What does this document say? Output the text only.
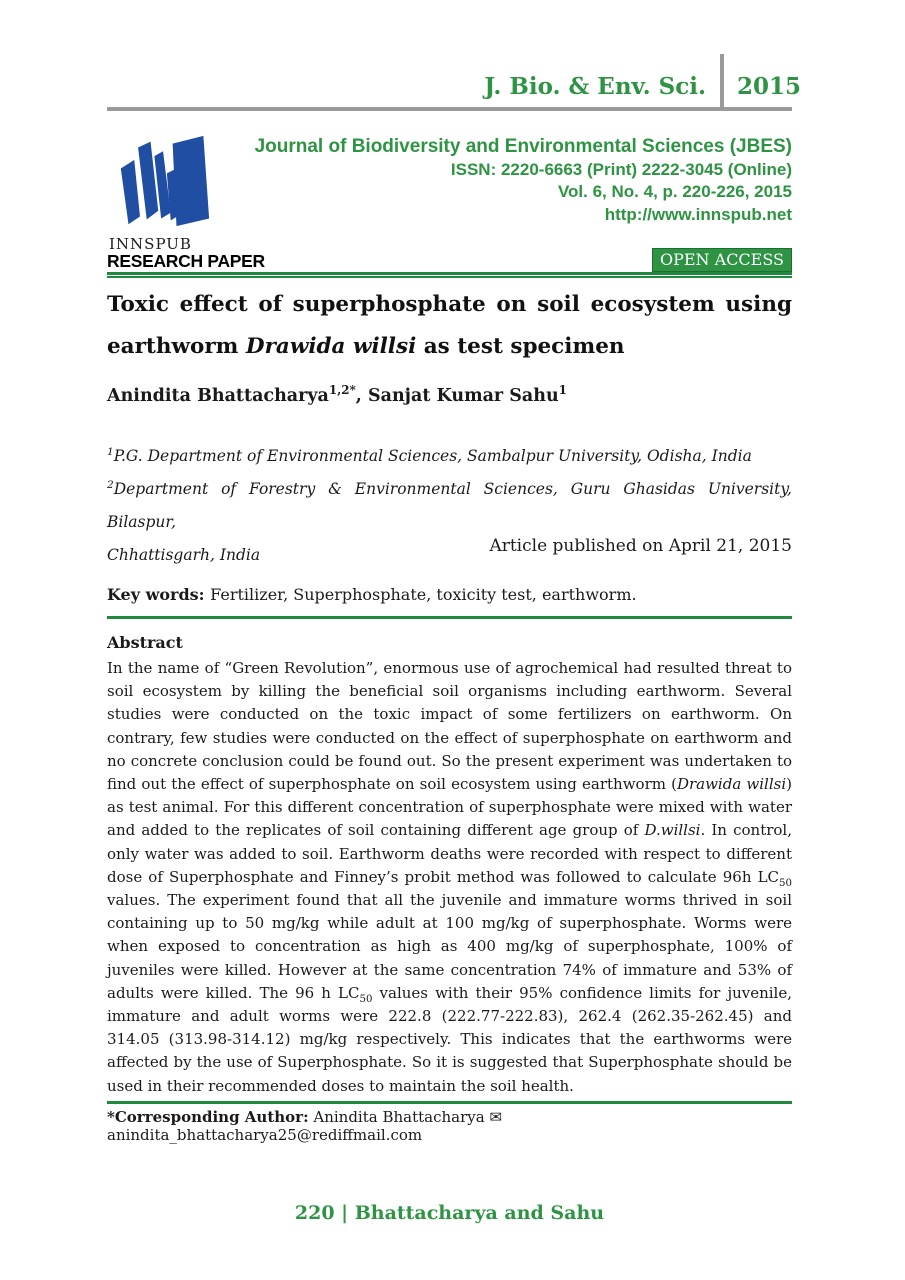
J. Bio. & Env. Sci.	2015
INNSPUB
Journal of Biodiversity and Environmental Sciences (JBES)
ISSN: 2220-6663 (Print) 2222-3045 (Online)
Vol. 6, No. 4, p. 220-226, 2015
http://www.innspub.net
RESEARCH PAPER	OPEN ACCESS
Toxic effect of superphosphate on soil ecosystem using
earthworm Drawida willsi as test specimen
Anindita Bhattacharya$^{1,2*}$, Sanjat Kumar Sahu$^1$
$^1$P.G. Department of Environmental Sciences, Sambalpur University, Odisha, India
$^2$Department of Forestry & Environmental Sciences, Guru Ghasidas University, Bilaspur,
Chhattisgarh, India	Article published on April 21, 2015
Key words: Fertilizer, Superphosphate, toxicity test, earthworm.
Abstract

In the name of “Green Revolution”, enormous use of agrochemical had resulted threat to soil ecosystem by killing the beneficial soil organisms including earthworm. Several studies were conducted on the toxic impact of some fertilizers on earthworm. On contrary, few studies were conducted on the effect of superphosphate on earthworm and no concrete conclusion could be found out. So the present experiment was undertaken to find out the effect of superphosphate on soil ecosystem using earthworm (Drawida willsi) as test animal. For this different concentration of superphosphate were mixed with water and added to the replicates of soil containing different age group of D.willsi. In control, only water was added to soil. Earthworm deaths were recorded with respect to different dose of Superphosphate and Finney’s probit method was followed to calculate 96h $LC_{50}$ values. The experiment found that all the juvenile and immature worms thrived in soil containing up to 50 mg/kg while adult at 100 mg/kg of superphosphate. Worms were when exposed to concentration as high as 400 mg/kg of superphosphate, 100% of juveniles were killed. However at the same concentration 74% of immature and 53% of adults were killed. The 96 h $LC_{50}$ values with their 95% confidence limits for juvenile, immature and adult worms were 222.8 (222.77-222.83), 262.4 (262.35-262.45) and 314.05 (313.98-314.12) mg/kg respectively. This indicates that the earthworms were affected by the use of Superphosphate. So it is suggested that Superphosphate should be used in their recommended doses to maintain the soil health.

*Corresponding Author: Anindita Bhattacharya ✉ anindita_bhattacharya25@rediffmail.com

220 | Bhattacharya and Sahu
